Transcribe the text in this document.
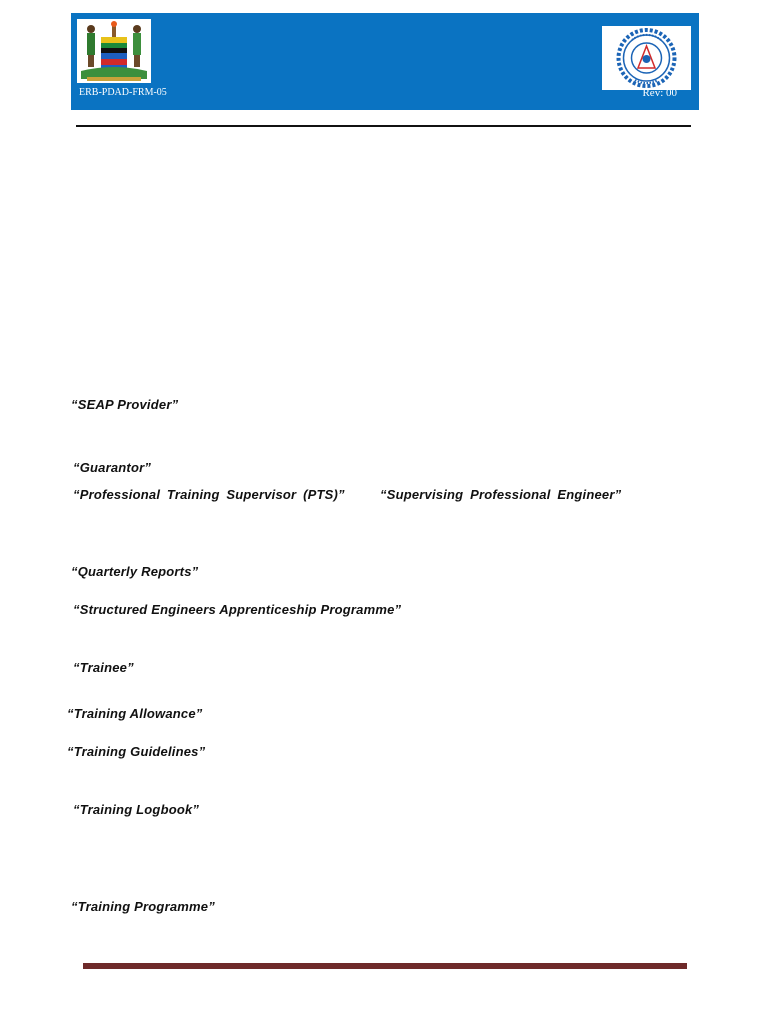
ERB-PDAD-FRM-05	Rev: 00
“SEAP Provider”
“Guarantor”
“Professional Training Supervisor (PTS)”	“Supervising Professional Engineer”
“Quarterly Reports”
“Structured Engineers Apprenticeship Programme”
“Trainee”
“Training Allowance”
“Training Guidelines”
“Training Logbook”
“Training Programme”
